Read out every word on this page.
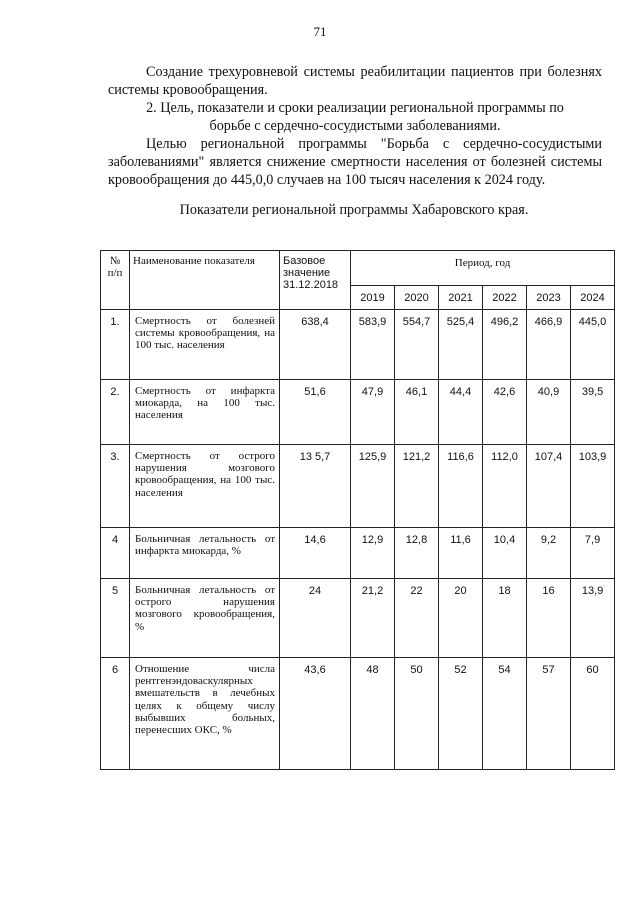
71

Создание трехуровневой системы реабилитации пациентов при болезнях системы кровообращения.

2. Цель, показатели и сроки реализации региональной программы по

борьбе с сердечно-сосудистыми заболеваниями.

Целью региональной программы "Борьба с сердечно-сосудистыми заболеваниями" является снижение смертности населения от болезней системы кровообращения до 445,0,0 случаев на 100 тысяч населения к 2024 году.

Показатели региональной программы Хабаровского края.
№ п/п	Наименование показателя	Базовое значение 31.12.2018	Период, год					
			2019	2020	2021	2022	2023	2024
1.	Смертность от болезней системы кровообращения, на 100 тыс. населения	638,4	583,9	554,7	525,4	496,2	466,9	445,0
2.	Смертность от инфаркта миокарда, на 100 тыс. населения	51,6	47,9	46,1	44,4	42,6	40,9	39,5
3.	Смертность от острого нарушения мозгового кровообращения, на 100 тыс. населения	13 5,7	125,9	121,2	116,6	112,0	107,4	103,9
4	Больничная летальность от инфаркта миокарда, %	14,6	12,9	12,8	11,6	10,4	9,2	7,9
5	Больничная летальность от острого нарушения мозгового кровообращения, %	24	21,2	22	20	18	16	13,9
6	Отношение числа рентгенэндоваскулярных вмешательств в лечебных целях к общему числу выбывших больных, перенесших ОКС, %	43,6	48	50	52	54	57	60
